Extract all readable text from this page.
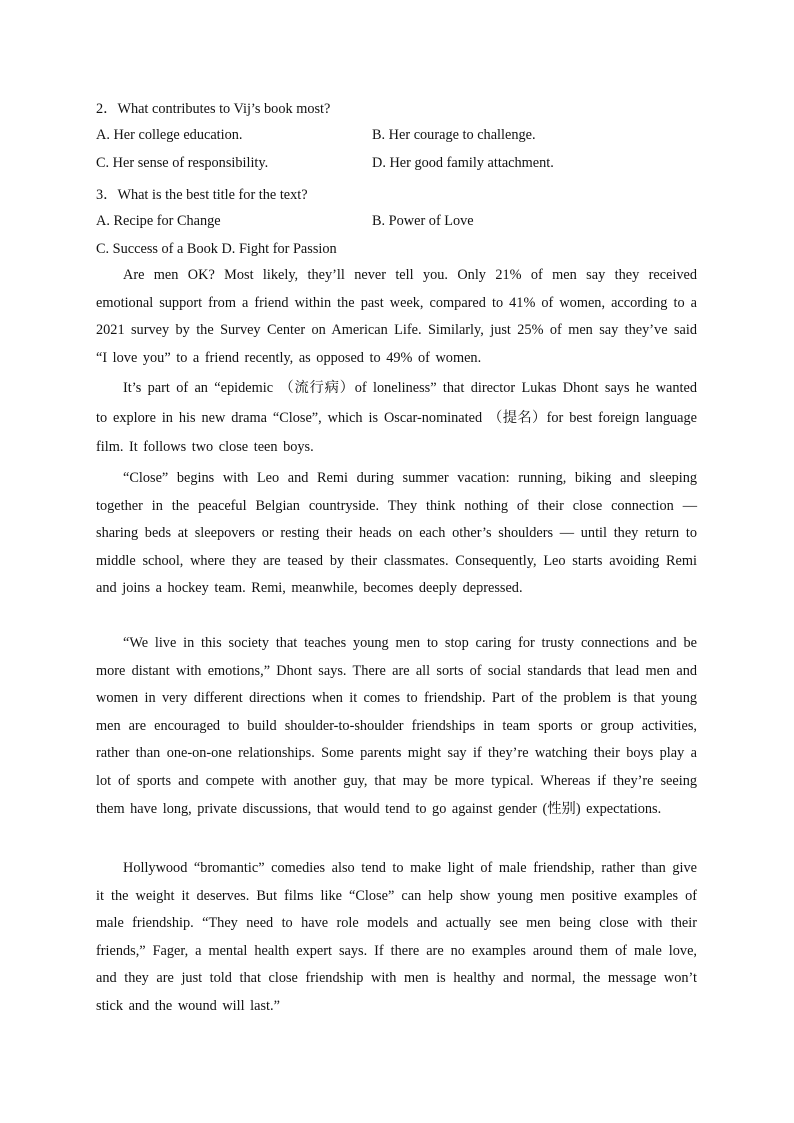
2．What contributes to Vij’s book most?
A. Her college education.	B. Her courage to challenge.
C. Her sense of responsibility.	D. Her good family attachment.
3．What is the best title for the text?
A. Recipe for Change	B. Power of Love
C. Success of a Book D. Fight for Passion

Are men OK? Most likely, they’ll never tell you. Only 21% of men say they received emotional support from a friend within the past week, compared to 41% of women, according to a 2021 survey by the Survey Center on American Life. Similarly, just 25% of men say they’ve said “I love you” to a friend recently, as opposed to 49% of women.

It’s part of an “epidemic （流行病）of loneliness” that director Lukas Dhont says he wanted to explore in his new drama “Close”, which is Oscar-nominated （提名）for best foreign language film. It follows two close teen boys.

“Close” begins with Leo and Remi during summer vacation: running, biking and sleeping together in the peaceful Belgian countryside. They think nothing of their close connection — sharing beds at sleepovers or resting their heads on each other’s shoulders — until they return to middle school, where they are teased by their classmates. Consequently, Leo starts avoiding Remi and joins a hockey team. Remi, meanwhile, becomes deeply depressed.

“We live in this society that teaches young men to stop caring for trusty connections and be more distant with emotions,” Dhont says. There are all sorts of social standards that lead men and women in very different directions when it comes to friendship. Part of the problem is that young men are encouraged to build shoulder-to-shoulder friendships in team sports or group activities, rather than one-on-one relationships. Some parents might say if they’re watching their boys play a lot of sports and compete with another guy, that may be more typical. Whereas if they’re seeing them have long, private discussions, that would tend to go against gender (性别) expectations.

Hollywood “bromantic” comedies also tend to make light of male friendship, rather than give it the weight it deserves. But films like “Close” can help show young men positive examples of male friendship. “They need to have role models and actually see men being close with their friends,” Fager, a mental health expert says. If there are no examples around them of male love, and they are just told that close friendship with men is healthy and normal, the message won’t stick and the wound will last.”
